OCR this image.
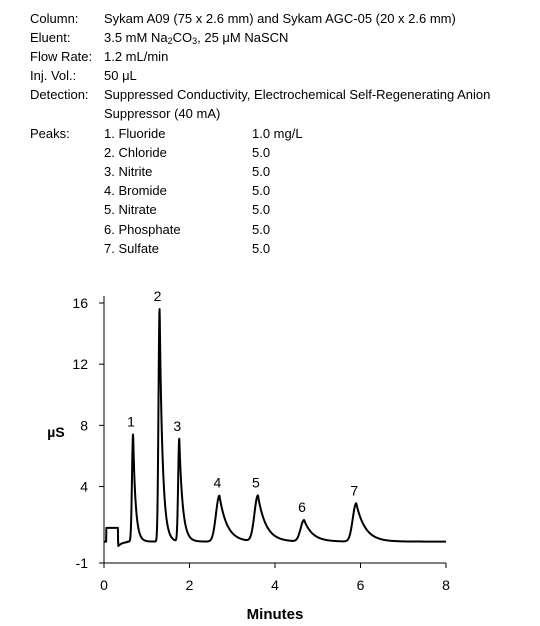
Column: Sykam A09 (75 x 2.6 mm) and Sykam AGC-05 (20 x 2.6 mm)
Eluent:	3.5 mM $Na_2CO_3$, 25 μM NaSCN
Flow Rate: 1.2 mL/min
Inj. Vol.: 50 μL
Detection: Suppressed Conductivity, Electrochemical Self-Regenerating Anion
Suppressor (40 mA)
Peaks:	1. Fluoride	1.0 mg/L
2. Chloride	5.0
3. Nitrite	5.0
4. Bromide	5.0
5. Nitrate	5.0
6. Phosphate	5.0
7. Sulfate	5.0
-1
4
8
12
16
0	2	4	6	8
µS
Minutes
1
2
3
4 5
6
7
